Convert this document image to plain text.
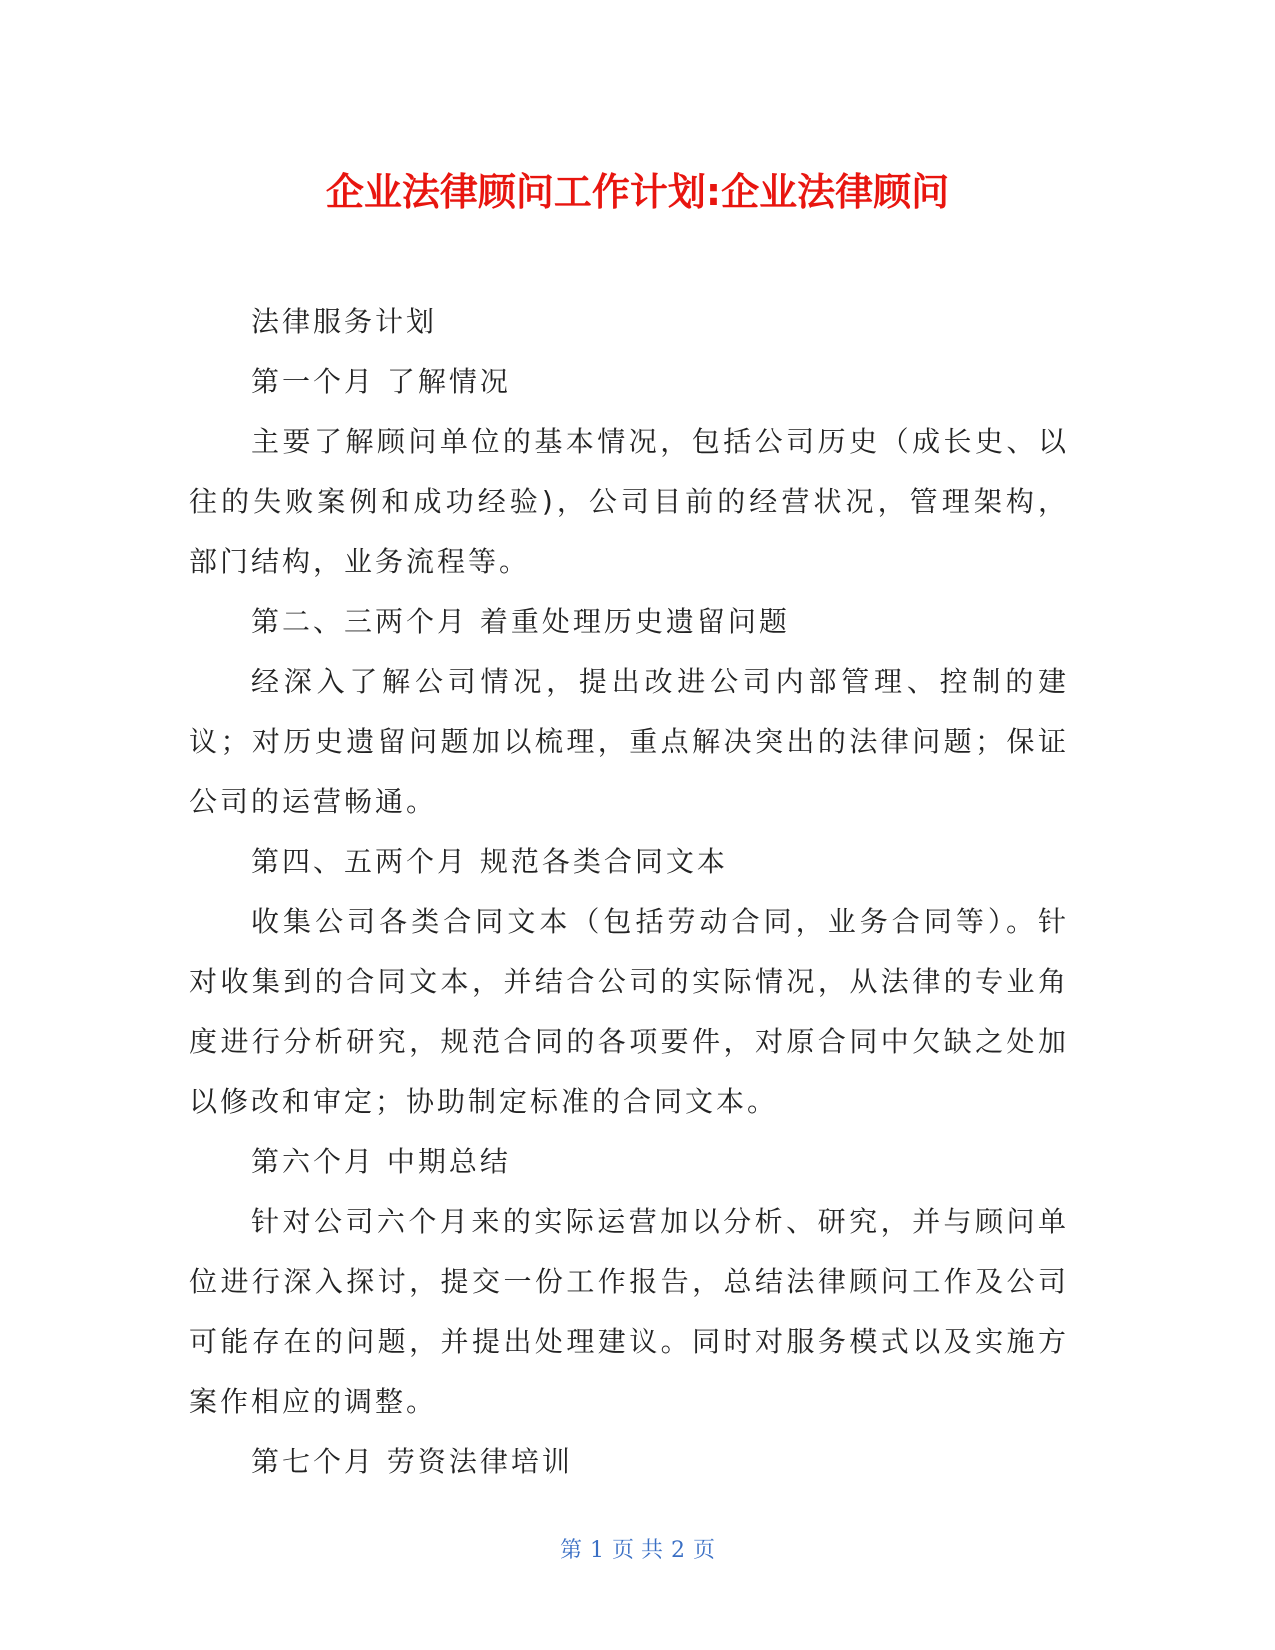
企业法律顾问工作计划:企业法律顾问

法律服务计划

第一个月 了解情况

主要了解顾问单位的基本情况，包括公司历史（成长史、以往的失败案例和成功经验)，公司目前的经营状况，管理架构，部门结构，业务流程等。

第二、三两个月 着重处理历史遗留问题

经深入了解公司情况，提出改进公司内部管理、控制的建议；对历史遗留问题加以梳理，重点解决突出的法律问题；保证公司的运营畅通。

第四、五两个月 规范各类合同文本

收集公司各类合同文本（包括劳动合同，业务合同等）。针对收集到的合同文本，并结合公司的实际情况，从法律的专业角度进行分析研究，规范合同的各项要件，对原合同中欠缺之处加以修改和审定；协助制定标准的合同文本。

第六个月 中期总结

针对公司六个月来的实际运营加以分析、研究，并与顾问单位进行深入探讨，提交一份工作报告，总结法律顾问工作及公司可能存在的问题，并提出处理建议。同时对服务模式以及实施方案作相应的调整。

第七个月 劳资法律培训

第 1 页 共 2 页
